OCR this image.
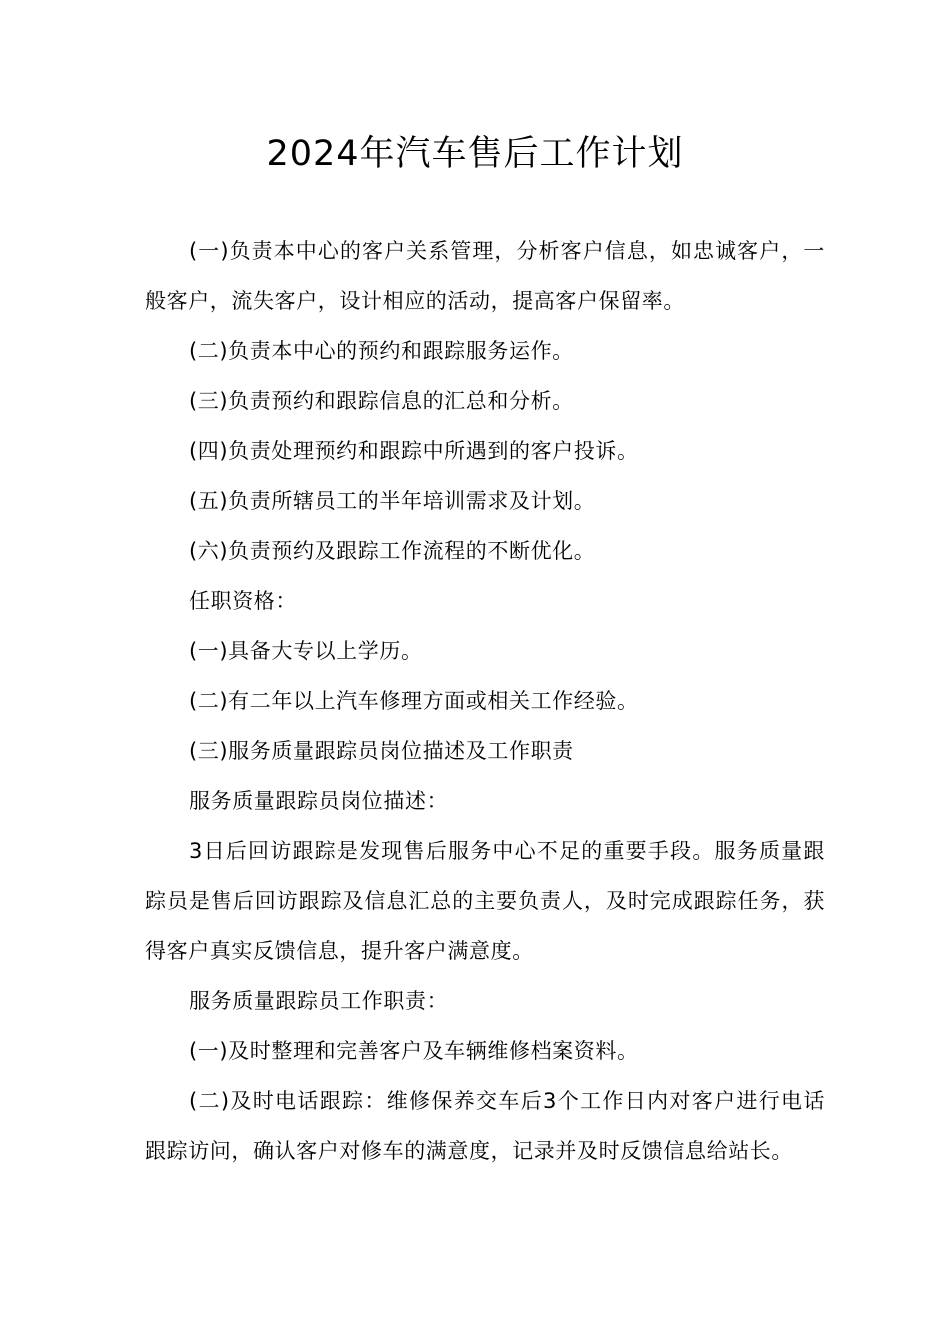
2024年汽车售后工作计划

(一)负责本中心的客户关系管理，分析客户信息，如忠诚客户，一般客户，流失客户，设计相应的活动，提高客户保留率。

(二)负责本中心的预约和跟踪服务运作。

(三)负责预约和跟踪信息的汇总和分析。

(四)负责处理预约和跟踪中所遇到的客户投诉。

(五)负责所辖员工的半年培训需求及计划。

(六)负责预约及跟踪工作流程的不断优化。

任职资格：

(一)具备大专以上学历。

(二)有二年以上汽车修理方面或相关工作经验。

(三)服务质量跟踪员岗位描述及工作职责

服务质量跟踪员岗位描述：

3日后回访跟踪是发现售后服务中心不足的重要手段。服务质量跟踪员是售后回访跟踪及信息汇总的主要负责人，及时完成跟踪任务，获得客户真实反馈信息，提升客户满意度。

服务质量跟踪员工作职责：

(一)及时整理和完善客户及车辆维修档案资料。

(二)及时电话跟踪：维修保养交车后3个工作日内对客户进行电话跟踪访问，确认客户对修车的满意度，记录并及时反馈信息给站长。
